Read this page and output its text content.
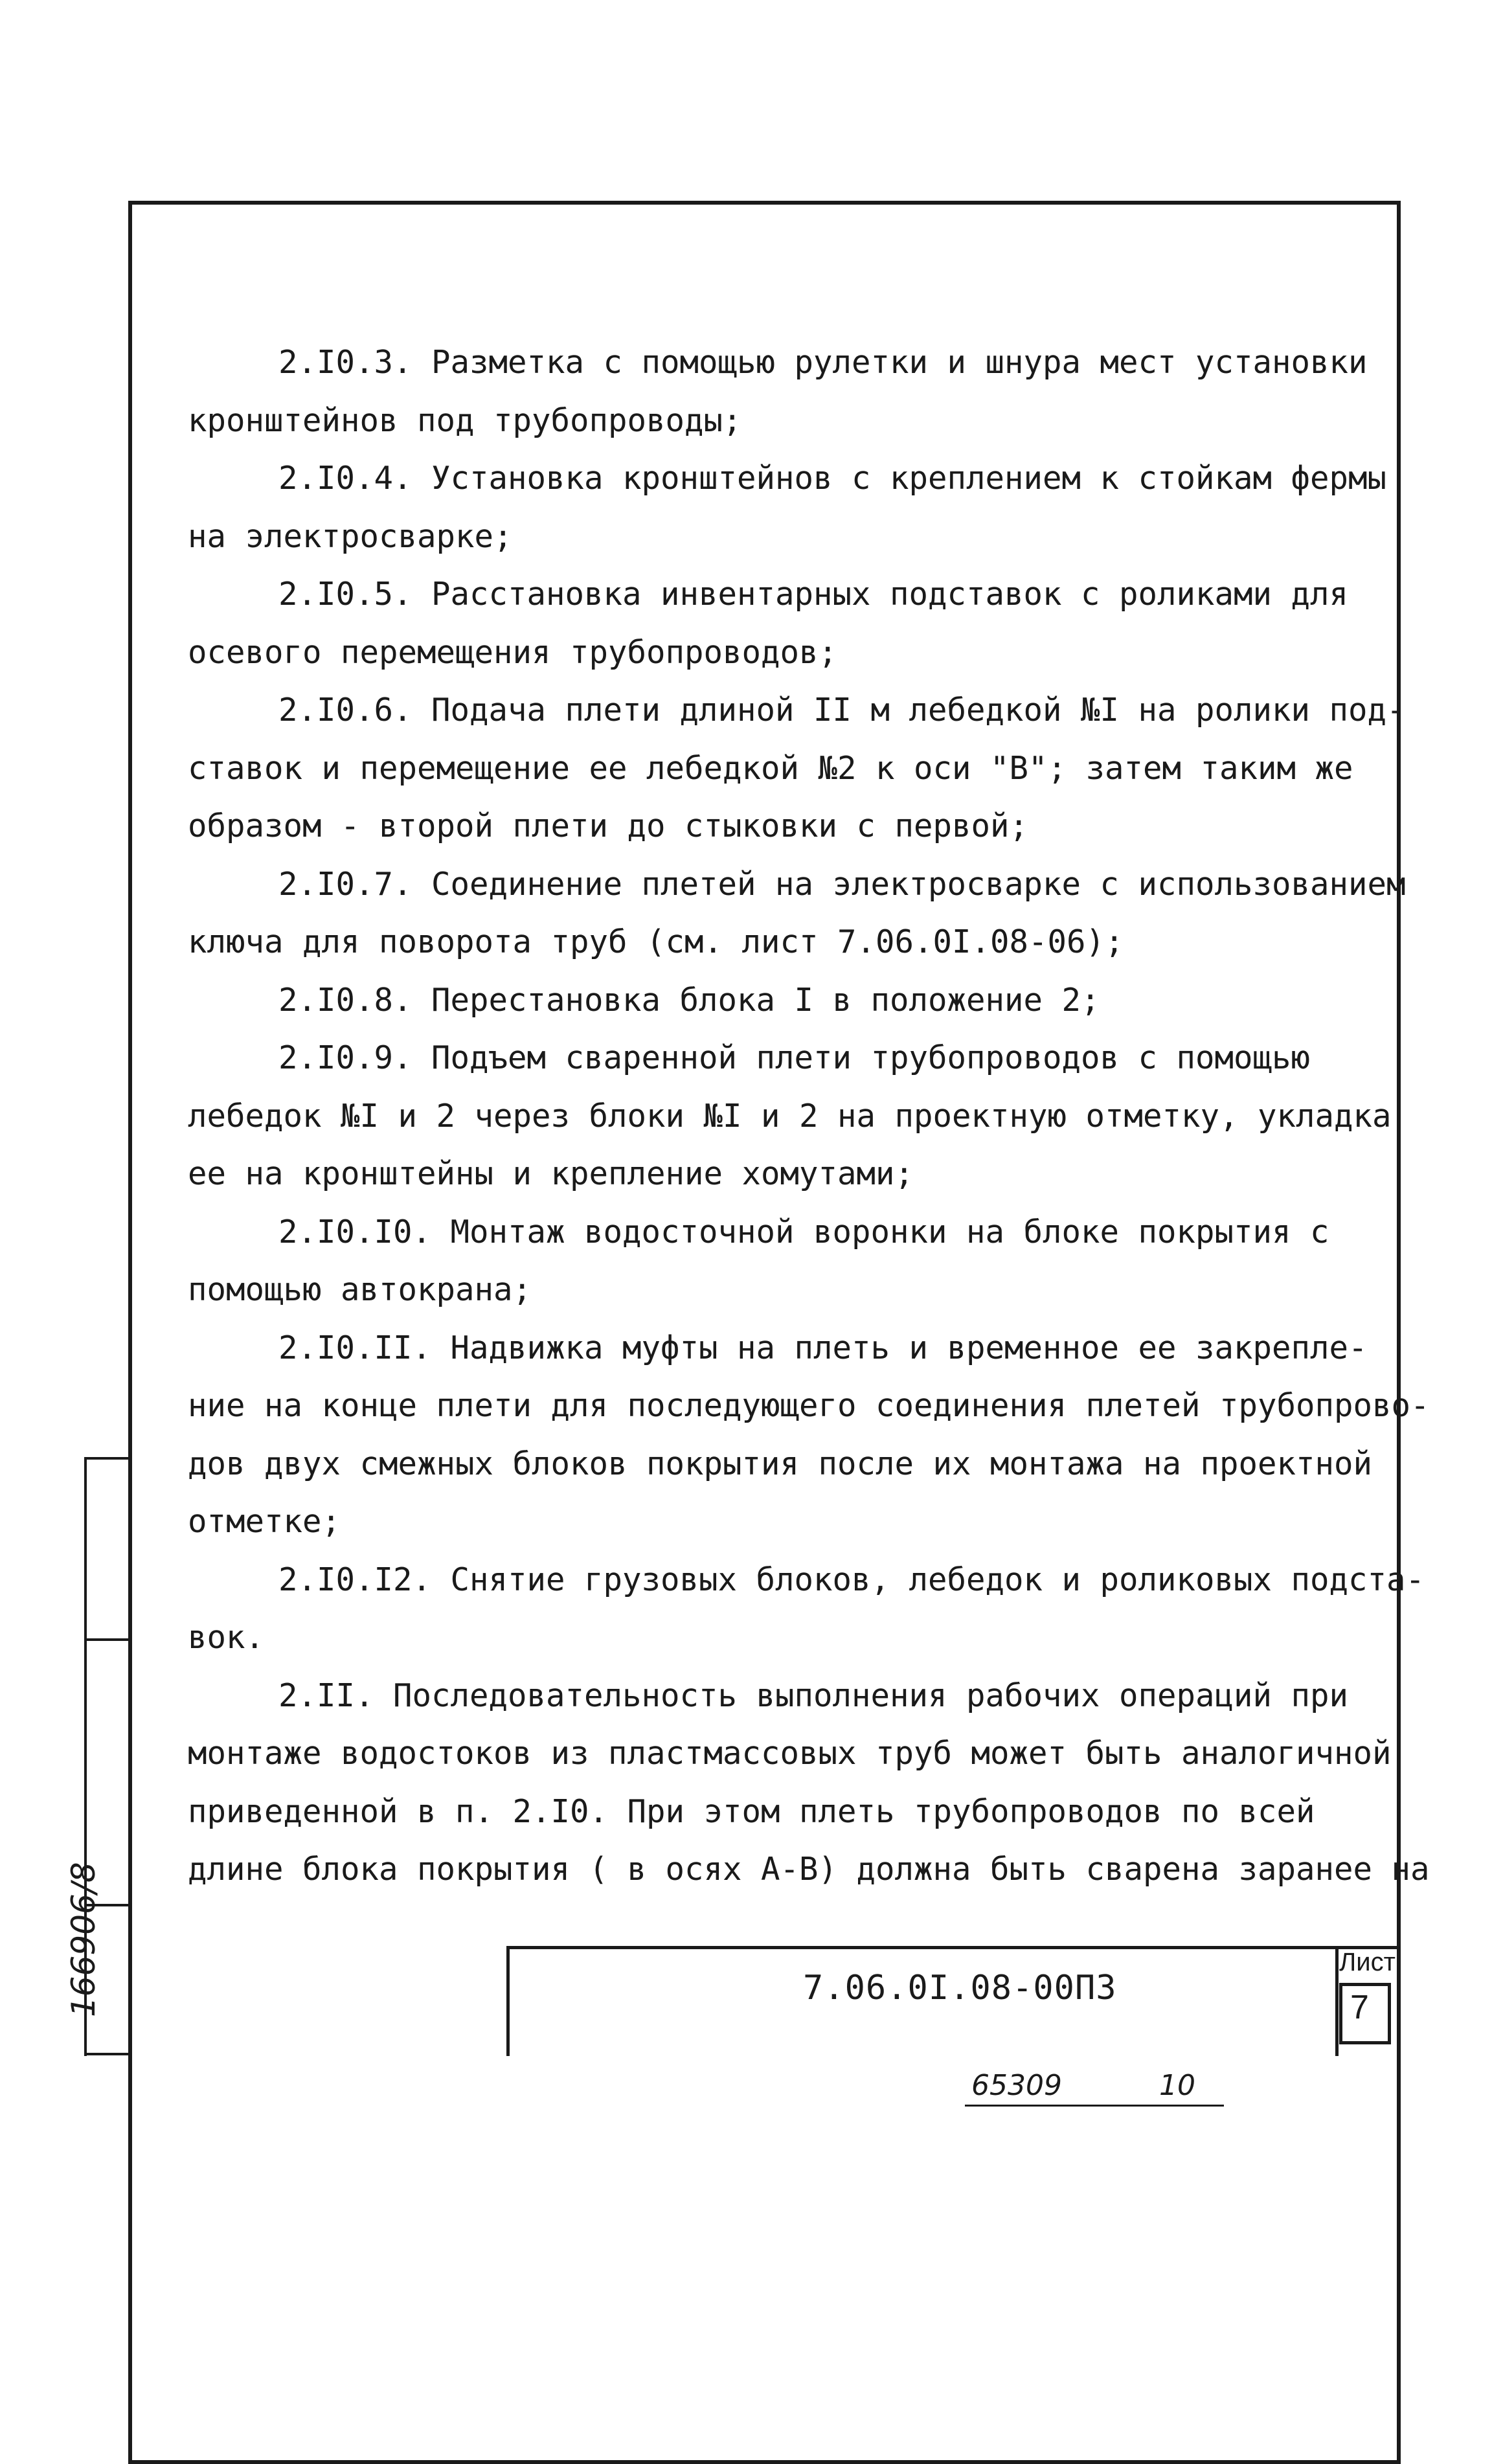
2.I0.3. Разметка с помощью рулетки и шнура мест установки
кронштейнов под трубопроводы;
2.I0.4. Установка кронштейнов с креплением к стойкам фермы
на электросварке;
2.I0.5. Расстановка инвентарных подставок с роликами для
осевого перемещения трубопроводов;
2.I0.6. Подача плети длиной II м лебедкой №I на ролики под-
ставок и перемещение ее лебедкой №2 к оси "В"; затем таким же
образом - второй плети до стыковки с первой;
2.I0.7. Соединение плетей на электросварке с использованием
ключа для поворота труб (см. лист 7.06.0I.08-06);
2.I0.8. Перестановка блока I в положение 2;
2.I0.9. Подъем сваренной плети трубопроводов с помощью
лебедок №I и 2 через блоки №I и 2 на проектную отметку, укладка
ее на кронштейны и крепление хомутами;
2.I0.I0. Монтаж водосточной воронки на блоке покрытия с
помощью автокрана;
2.I0.II. Надвижка муфты на плеть и временное ее закрепле-
ние на конце плети для последующего соединения плетей трубопрово-
дов двух смежных блоков покрытия после их монтажа на проектной
отметке;
2.I0.I2. Снятие грузовых блоков, лебедок и роликовых подста-
вок.
2.II. Последовательность выполнения рабочих операций при
монтаже водостоков из пластмассовых труб может быть аналогичной
приведенной в п. 2.I0. При этом плеть трубопроводов по всей
длине блока покрытия ( в осях А-В) должна быть сварена заранее на
7.06.0I.08-00ПЗ
Лист
7
166906/8
65309	10
